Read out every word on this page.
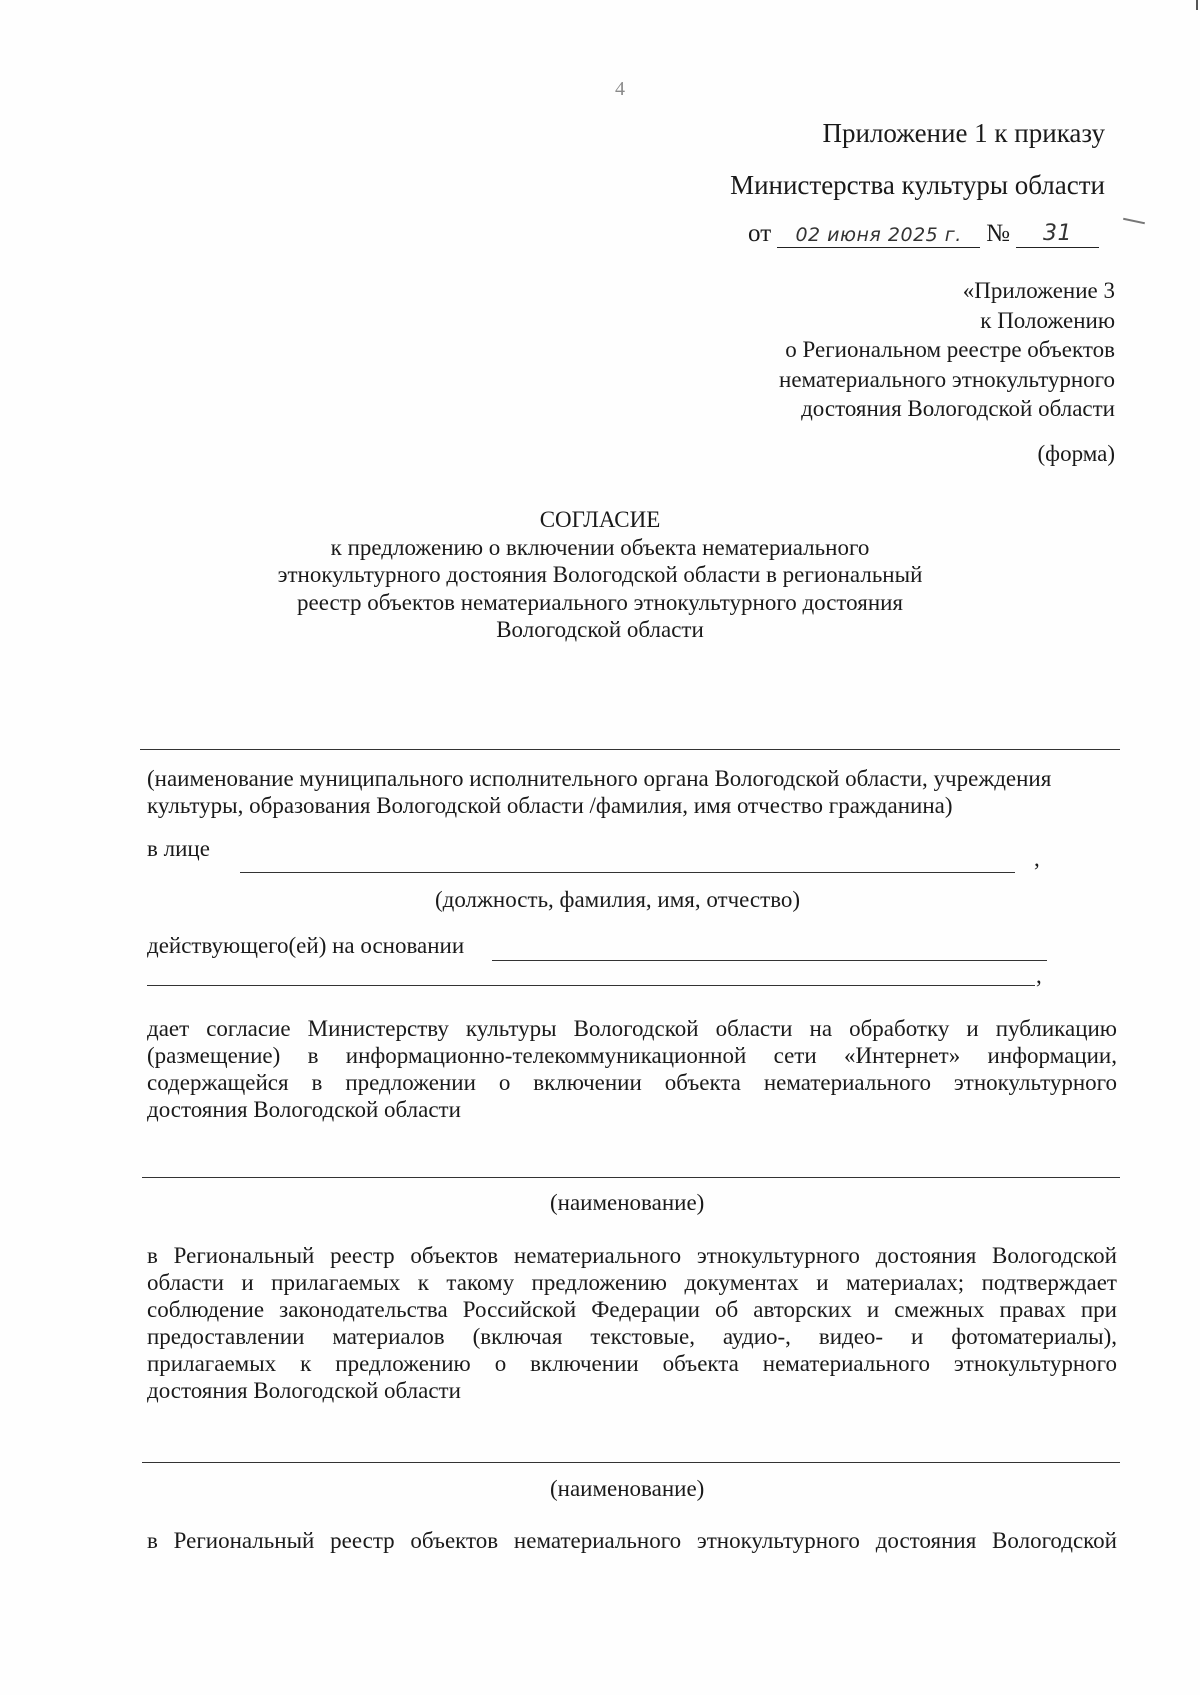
4
Приложение 1 к приказу
Министерства культуры области
от	02 июня 2025 г. №	31
«Приложение 3
к Положению
о Региональном реестре объектов
нематериального этнокультурного
достояния Вологодской области
(форма)
СОГЛАСИЕ
к предложению о включении объекта нематериального
этнокультурного достояния Вологодской области в региональный
реестр объектов нематериального этнокультурного достояния
Вологодской области
(наименование муниципального исполнительного органа Вологодской области, учреждения
культуры, образования Вологодской области /фамилия, имя отчество гражданина)
в лице	,
(должность, фамилия, имя, отчество)
действующего(ей) на основании
,
дает согласие Министерству культуры Вологодской области на обработку и публикацию
(размещение) в информационно-телекоммуникационной сети «Интернет» информации,
содержащейся в предложении о включении объекта нематериального этнокультурного
достояния Вологодской области
(наименование)
в Региональный реестр объектов нематериального этнокультурного достояния Вологодской
области и прилагаемых к такому предложению документах и материалах; подтверждает
соблюдение законодательства Российской Федерации об авторских и смежных правах при
предоставлении материалов (включая текстовые, аудио-, видео- и фотоматериалы),
прилагаемых к предложению о включении объекта нематериального этнокультурного
достояния Вологодской области
(наименование)
в Региональный реестр объектов нематериального этнокультурного достояния Вологодской
